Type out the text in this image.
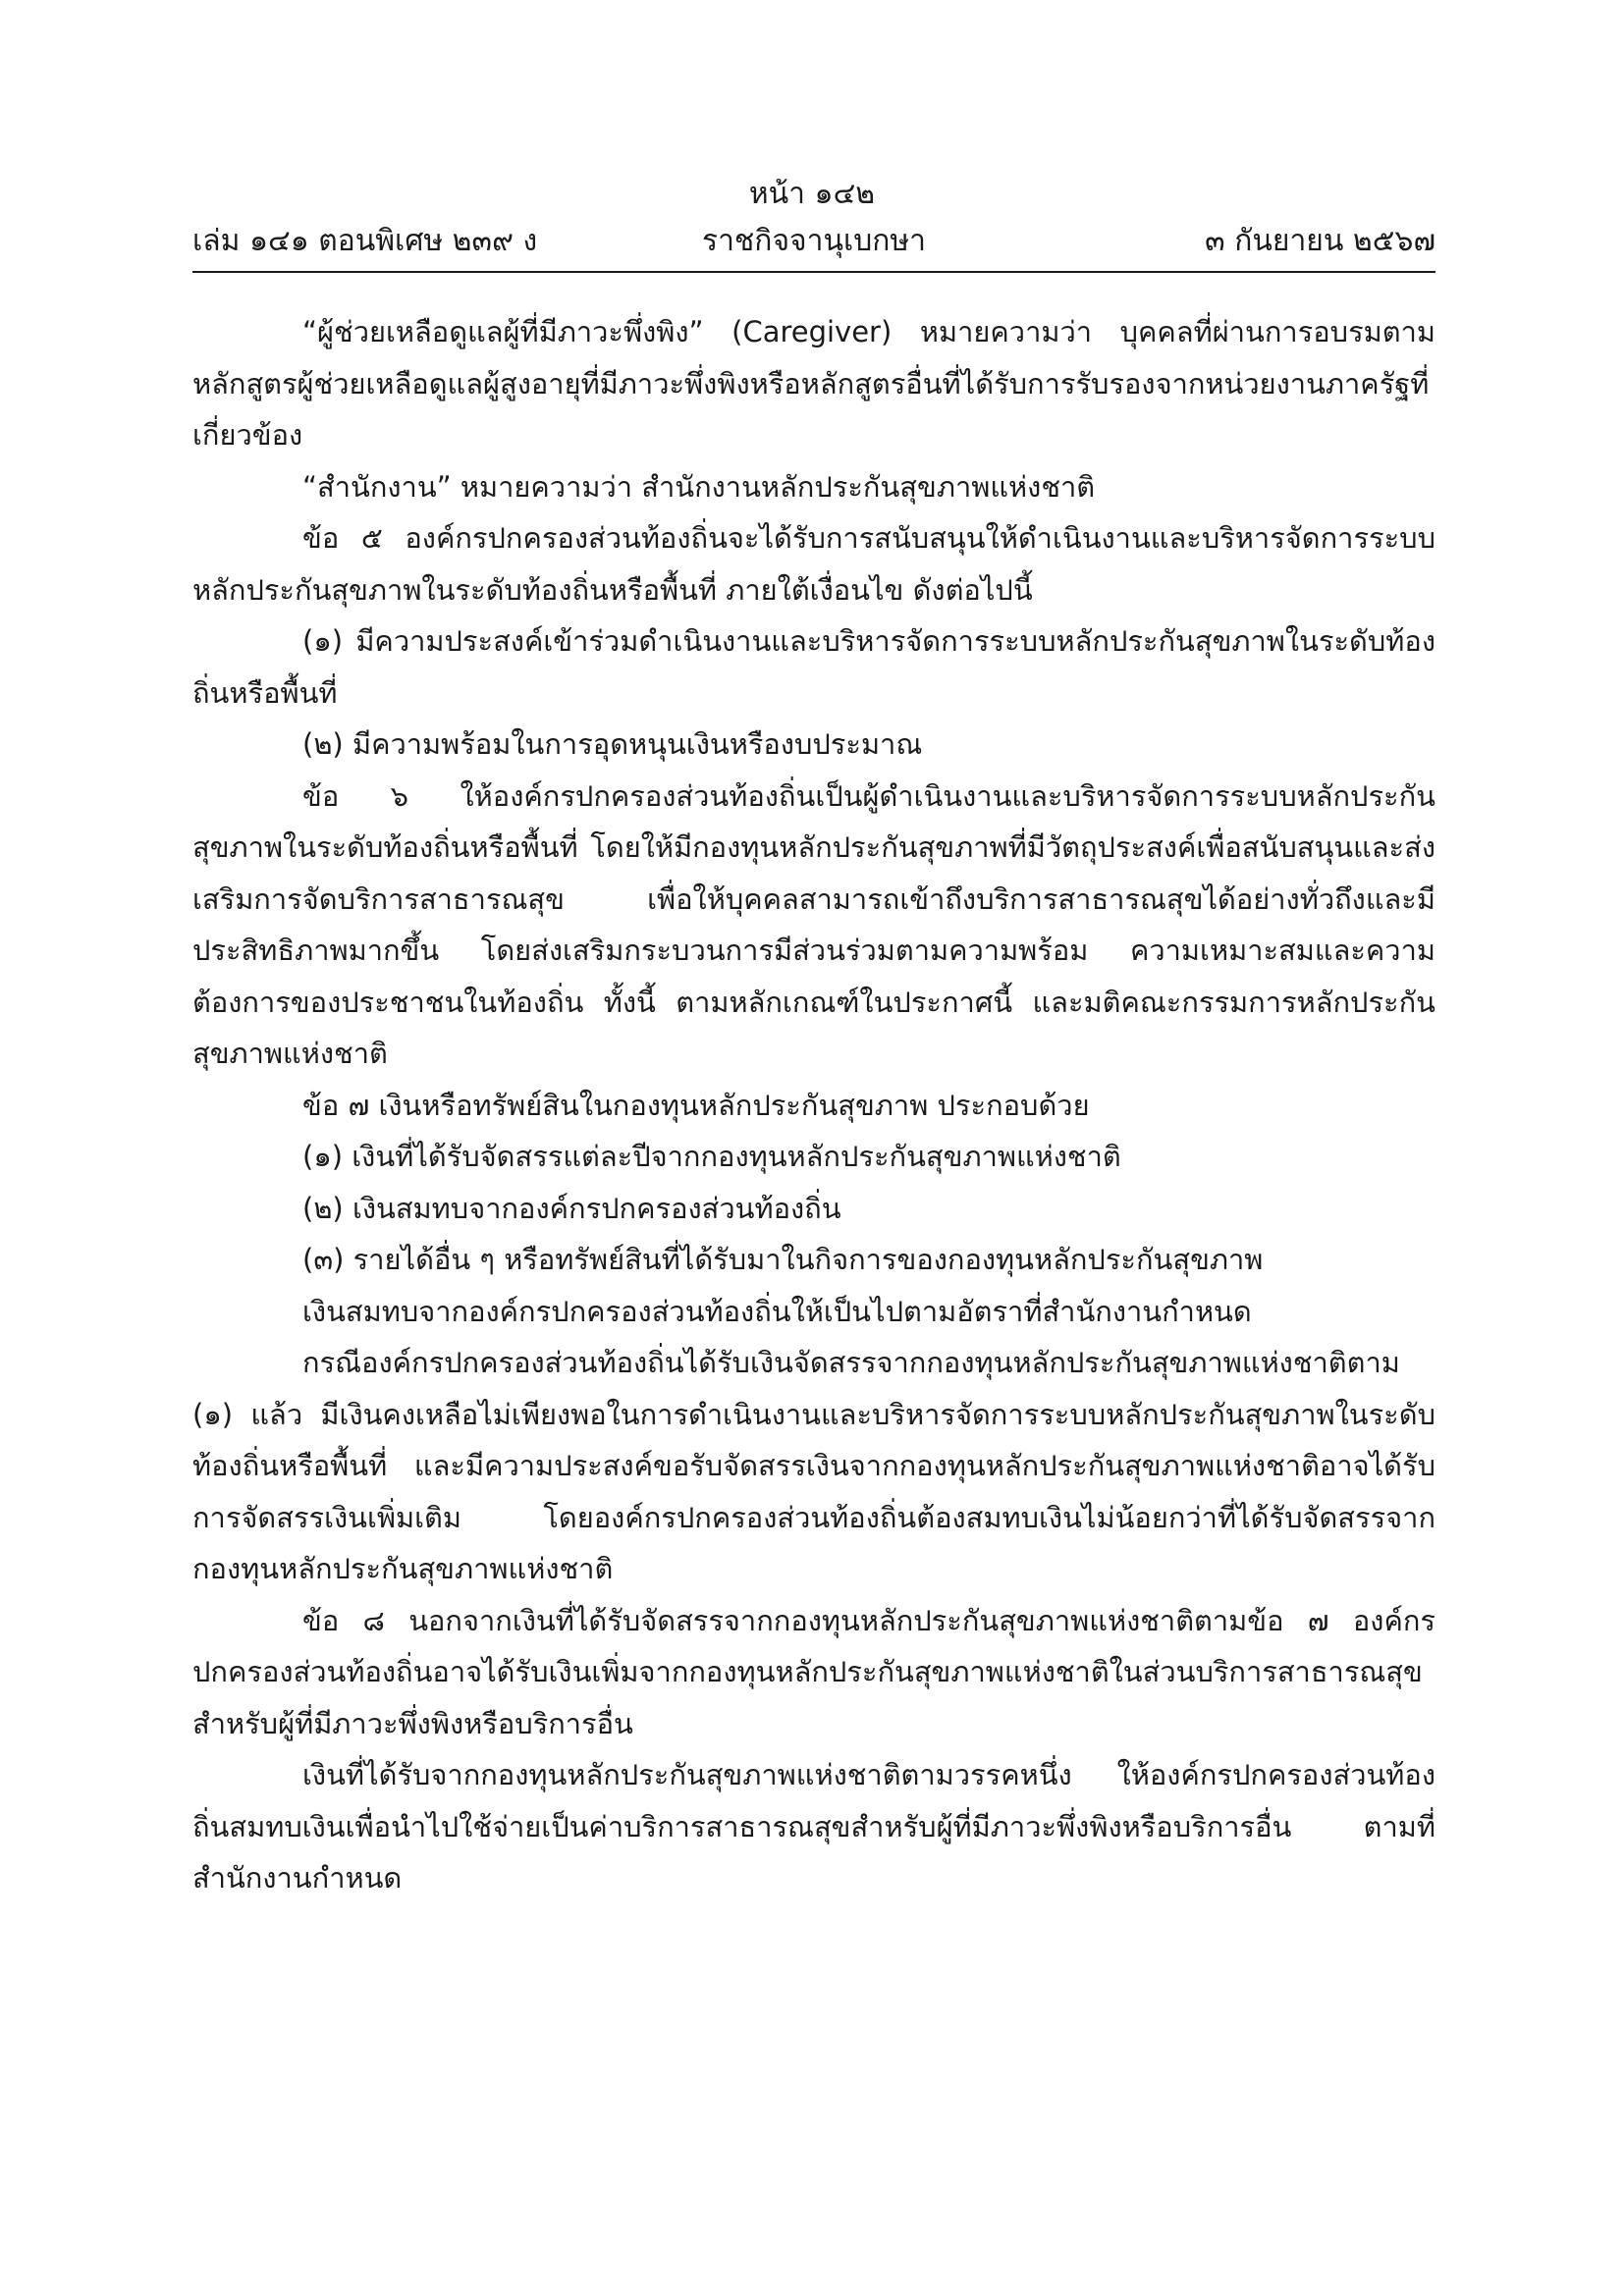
หน้า ๑๔๒
เล่ม ๑๔๑ ตอนพิเศษ ๒๓๙ ง	ราชกิจจานุเบกษา	๓ กันยายน ๒๕๖๗

“ผู้ช่วยเหลือดูแลผู้ที่มีภาวะพึ่งพิง” (Caregiver) หมายความว่า บุคคลที่ผ่านการอบรมตามหลักสูตรผู้ช่วยเหลือดูแลผู้สูงอายุที่มีภาวะพึ่งพิงหรือหลักสูตรอื่นที่ได้รับการรับรองจากหน่วยงานภาครัฐที่เกี่ยวข้อง

“สำนักงาน” หมายความว่า สำนักงานหลักประกันสุขภาพแห่งชาติ

ข้อ ๕ องค์กรปกครองส่วนท้องถิ่นจะได้รับการสนับสนุนให้ดำเนินงานและบริหารจัดการระบบหลักประกันสุขภาพในระดับท้องถิ่นหรือพื้นที่ ภายใต้เงื่อนไข ดังต่อไปนี้

(๑) มีความประสงค์เข้าร่วมดำเนินงานและบริหารจัดการระบบหลักประกันสุขภาพในระดับท้องถิ่นหรือพื้นที่

(๒) มีความพร้อมในการอุดหนุนเงินหรืองบประมาณ

ข้อ ๖ ให้องค์กรปกครองส่วนท้องถิ่นเป็นผู้ดำเนินงานและบริหารจัดการระบบหลักประกันสุขภาพในระดับท้องถิ่นหรือพื้นที่ โดยให้มีกองทุนหลักประกันสุขภาพที่มีวัตถุประสงค์เพื่อสนับสนุนและส่งเสริมการจัดบริการสาธารณสุข เพื่อให้บุคคลสามารถเข้าถึงบริการสาธารณสุขได้อย่างทั่วถึงและมีประสิทธิภาพมากขึ้น โดยส่งเสริมกระบวนการมีส่วนร่วมตามความพร้อม ความเหมาะสมและความต้องการของประชาชนในท้องถิ่น ทั้งนี้ ตามหลักเกณฑ์ในประกาศนี้ และมติคณะกรรมการหลักประกันสุขภาพแห่งชาติ

ข้อ ๗ เงินหรือทรัพย์สินในกองทุนหลักประกันสุขภาพ ประกอบด้วย

(๑) เงินที่ได้รับจัดสรรแต่ละปีจากกองทุนหลักประกันสุขภาพแห่งชาติ

(๒) เงินสมทบจากองค์กรปกครองส่วนท้องถิ่น

(๓) รายได้อื่น ๆ หรือทรัพย์สินที่ได้รับมาในกิจการของกองทุนหลักประกันสุขภาพ

เงินสมทบจากองค์กรปกครองส่วนท้องถิ่นให้เป็นไปตามอัตราที่สำนักงานกำหนด

กรณีองค์กรปกครองส่วนท้องถิ่นได้รับเงินจัดสรรจากกองทุนหลักประกันสุขภาพแห่งชาติตาม (๑) แล้ว มีเงินคงเหลือไม่เพียงพอในการดำเนินงานและบริหารจัดการระบบหลักประกันสุขภาพในระดับท้องถิ่นหรือพื้นที่ และมีความประสงค์ขอรับจัดสรรเงินจากกองทุนหลักประกันสุขภาพแห่งชาติอาจได้รับการจัดสรรเงินเพิ่มเติม โดยองค์กรปกครองส่วนท้องถิ่นต้องสมทบเงินไม่น้อยกว่าที่ได้รับจัดสรรจากกองทุนหลักประกันสุขภาพแห่งชาติ

ข้อ ๘ นอกจากเงินที่ได้รับจัดสรรจากกองทุนหลักประกันสุขภาพแห่งชาติตามข้อ ๗ องค์กรปกครองส่วนท้องถิ่นอาจได้รับเงินเพิ่มจากกองทุนหลักประกันสุขภาพแห่งชาติในส่วนบริการสาธารณสุขสำหรับผู้ที่มีภาวะพึ่งพิงหรือบริการอื่น

เงินที่ได้รับจากกองทุนหลักประกันสุขภาพแห่งชาติตามวรรคหนึ่ง ให้องค์กรปกครองส่วนท้องถิ่นสมทบเงินเพื่อนำไปใช้จ่ายเป็นค่าบริการสาธารณสุขสำหรับผู้ที่มีภาวะพึ่งพิงหรือบริการอื่น ตามที่สำนักงานกำหนด
